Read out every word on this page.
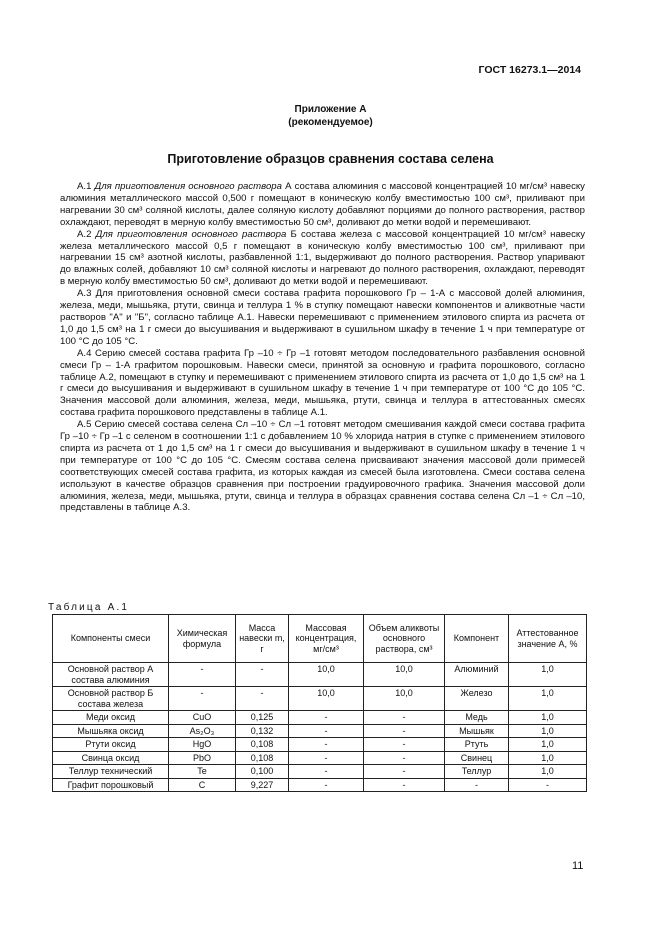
ГОСТ 16273.1—2014
Приложение А
(рекомендуемое)
Приготовление образцов сравнения состава селена

А.1 Для приготовления основного раствора А состава алюминия с массовой концентрацией 10 мг/см³ навеску алюминия металлического массой 0,500 г помещают в коническую колбу вместимостью 100 см³, приливают при нагревании 30 см³ соляной кислоты, далее соляную кислоту добавляют порциями до полного растворения, раствор охлаждают, переводят в мерную колбу вместимостью 50 см³, доливают до метки водой и перемешивают.

А.2 Для приготовления основного раствора Б состава железа с массовой концентрацией 10 мг/см³ навеску железа металлического массой 0,5 г помещают в коническую колбу вместимостью 100 см³, приливают при нагревании 15 см³ азотной кислоты, разбавленной 1:1, выдерживают до полного растворения. Раствор упаривают до влажных солей, добавляют 10 см³ соляной кислоты и нагревают до полного растворения, охлаждают, переводят в мерную колбу вместимостью 50 см³, доливают до метки водой и перемешивают.

А.3 Для приготовления основной смеси состава графита порошкового Гр – 1-А с массовой долей алюминия, железа, меди, мышьяка, ртути, свинца и теллура 1 % в ступку помещают навески компонентов и аликвотные части растворов "А" и "Б", согласно таблице А.1. Навески перемешивают с применением этилового спирта из расчета от 1,0 до 1,5 см³ на 1 г смеси до высушивания и выдерживают в сушильном шкафу в течение 1 ч при температуре от 100 °С до 105 °С.

А.4 Серию смесей состава графита Гр –10 ÷ Гр –1 готовят методом последовательного разбавления основной смеси Гр – 1-А графитом порошковым. Навески смеси, принятой за основную и графита порошкового, согласно таблице А.2, помещают в ступку и перемешивают с применением этилового спирта из расчета от 1,0 до 1,5 см³ на 1 г смеси до высушивания и выдерживают в сушильном шкафу в течение 1 ч при температуре от 100 °С до 105 °С. Значения массовой доли алюминия, железа, меди, мышьяка, ртути, свинца и теллура в аттестованных смесях состава графита порошкового представлены в таблице А.1.

А.5 Серию смесей состава селена Сл –10 ÷ Сл –1 готовят методом смешивания каждой смеси состава графита Гр –10 ÷ Гр –1 с селеном в соотношении 1:1 с добавлением 10 % хлорида натрия в ступке с применением этилового спирта из расчета от 1 до 1,5 см³ на 1 г смеси до высушивания и выдерживают в сушильном шкафу в течение 1 ч при температуре от 100 °С до 105 °С. Смесям состава селена присваивают значения массовой доли примесей соответствующих смесей состава графита, из которых каждая из смесей была изготовлена. Смеси состава селена используют в качестве образцов сравнения при построении градуировочного графика. Значения массовой доли алюминия, железа, меди, мышьяка, ртути, свинца и теллура в образцах сравнения состава селена Сл –1 ÷ Сл –10, представлены в таблице А.3.

Таблица А.1
Компоненты смеси	Химическая формула	Масса навески m, г	Массовая концентрация, мг/см³	Объем аликвоты основного раствора, см³	Компонент	Аттестованное значение А, %
Основной раствор А состава алюминия	-	-	10,0	10,0	Алюминий	1,0
Основной раствор Б состава железа	-	-	10,0	10,0	Железо	1,0
Меди оксид	CuO	0,125	-	-	Медь	1,0
Мышьяка оксид	As₂O₃	0,132	-	-	Мышьяк	1,0
Ртути оксид	HgO	0,108	-	-	Ртуть	1,0
Свинца оксид	PbO	0,108	-	-	Свинец	1,0
Теллур технический	Te	0,100	-	-	Теллур	1,0
Графит порошковый	С	9,227	-	-	-	-
11
